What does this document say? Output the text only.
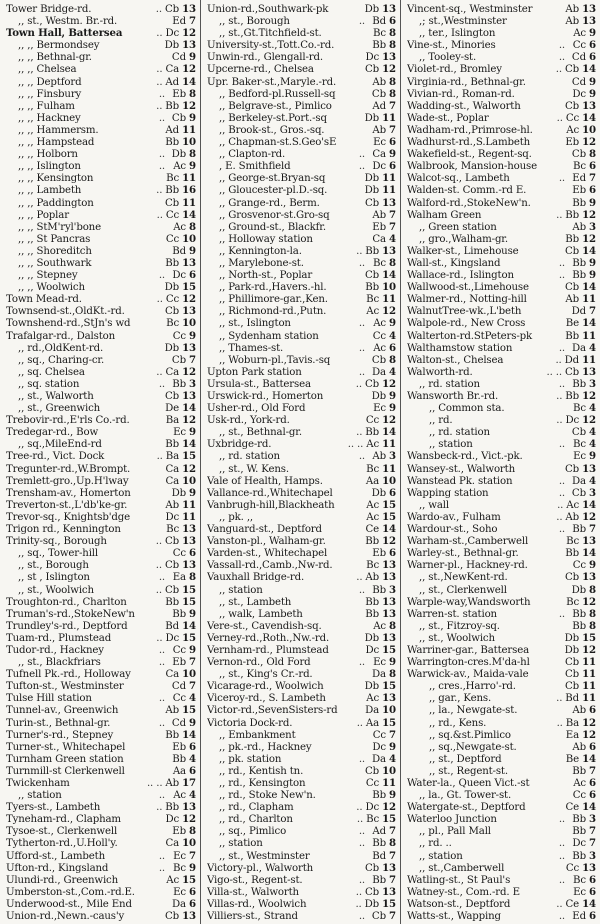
Tower Bridge-rd.	.. Cb 13
,, st., Westm. Br.-rd.	Ed 7
Town Hall, Battersea	.. Dc 12
,, ,, Bermondsey	Db 13
,, ,, Bethnal-gr.	Cd 9
,, ,, Chelsea	.. Ca 12
,, ,, Deptford	.. Ad 14
,, ,, Finsbury	.. Eb 8
,, ,, Fulham	.. Bb 12
,, ,, Hackney	.. Cb 9
,, ,, Hammersm.	Ad 11
,, ,, Hampstead	Bb 10
,, ,, Holborn	.. Db 8
,, ,, Islington	.. Ac 9
,, ,, Kensington	Bc 11
,, ,, Lambeth	.. Bb 16
,, ,, Paddington	Cb 11
,, ,, Poplar	.. Cc 14
,, ,, StM'ryl'bone	Ac 8
,, ,, St Pancras	Cc 10
,, ,, Shoreditch	Bd 9
,, ,, Southwark	Bb 13
,, ,, Stepney	.. Dc 6
,, ,, Woolwich	Db 15
Town Mead-rd.	.. Cc 12
Townsend-st.,OldKt.-rd.	Cb 13
Townshend-rd.,StJn's wd	Bc 10
Trafalgar-rd., Dalston	Cc 9
,, rd.,OldKent-rd.	Db 13
,, sq., Charing-cr.	Cb 7
,, sq. Chelsea	.. Ca 12
,, sq. station	.. Bb 3
,, st., Walworth	Cb 13
,, st., Greenwich	De 14
Trebovir-rd.,E'rls Co.-rd.	Ba 12
Tredegar-rd., Bow	Ec 9
,, sq.,MileEnd-rd	Bb 14
Tree-rd., Vict. Dock	.. Ba 15
Tregunter-rd.,W.Brompt.	Ca 12
Tremlett-gro.,Up.H'lway	Ca 10
Trensham-av., Homerton	Db 9
Treverton-st.,L'db'ke-gr.	Ab 11
Trevor-sq., Knightsb'dge	Dc 11
Trigon rd., Kennington	Bc 13
Trinity-sq., Borough	.. Cb 13
,, sq., Tower-hill	Cc 6
,, st., Borough	.. Cb 13
,, st , Islington	.. Ea 8
,, st., Woolwich	.. Cb 15
Troughton-rd., Charlton	Bb 15
Truman's-rd.,StokeNew'n	Bb 9
Trundley's-rd., Deptford	Bd 14
Tuam-rd., Plumstead	.. Dc 15
Tudor-rd., Hackney	.. Cc 9
,, st., Blackfriars	.. Eb 7
Tufnell Pk.-rd., Holloway	Ca 10
Tufton-st., Westminster	Cd 7
Tulse Hill station	.. Cc 4
Tunnel-av., Greenwich	Ab 15
Turin-st., Bethnal-gr.	.. Cd 9
Turner's-rd., Stepney	Bb 14
Turner-st., Whitechapel	Eb 6
Turnham Green station	Bb 4
Turnmill-st Clerkenwell	Aa 6
Twickenham	.. .. Ab 17
,, station	.. Ac 4
Tyers-st., Lambeth	.. Bb 13
Tyneham-rd., Clapham	Dc 12
Tysoe-st., Clerkenwell	Eb 8
Tytherton-rd.,U.Holl'y.	Ca 10
Ufford-st., Lambeth	.. Ec 7
Ufton-rd., Kingsland	.. Bc 9
Ulundi-rd., Greenwich	Ac 15
Umberston-st.,Com.-rd.E.	Ec 6
Underwood-st., Mile End	Da 6
Union-rd.,Newn.-caus'y	Cb 13
Union-rd.,Southwark-pk	Db 13
,, st., Borough	.. Bd 6
,, st.,Gt.Titchfield-st.	Bc 8
University-st.,Tott.Co.-rd.	Bb 8
Unwin-rd., Glengall-rd.	Dc 13
Upcerne-rd., Chelsea	Cb 12
Upr. Baker-st.,Maryle.-rd.	Ab 8
,, Bedford-pl.Russell-sq	Cb 8
,, Belgrave-st., Pimlico	Ad 7
,, Berkeley-st.Port.-sq	Db 11
,, Brook-st., Gros.-sq.	Ab 7
,, Chapman-st.S.Geo'sE	Ec 6
,, Clapton-rd.	.. Ca 9
, E. Smithfield	.. Dc 6
,, George-st.Bryan-sq	Db 11
,, Gloucester-pl.D.-sq.	Db 11
,, Grange-rd., Berm.	Cb 13
,, Grosvenor-st.Gro-sq	Ab 7
,, Ground-st., Blackfr.	Eb 7
,, Holloway station	Ca 4
,, Kennington-la.	.. Bb 13
,, Marylebone-st.	.. Bc 8
,, North-st., Poplar	Cb 14
,, Park-rd.,Havers.-hl.	Bb 10
,, Phillimore-gar.,Ken.	Bc 11
,, Richmond-rd.,Putn.	Ac 12
,, st., Islington	.. Ac 9
,, Sydenham station	Cc 4
,, Thames-st.	.. Ac 6
,, Woburn-pl.,Tavis.-sq	Cb 8
Upton Park station	.. Da 4
Ursula-st., Battersea	.. Cb 12
Urswick-rd., Homerton	Db 9
Usher-rd., Old Ford	Ec 9
Usk-rd., York-rd.	Cc 12
,, st., Bethnal-gr.	.. Bb 14
Uxbridge-rd.	.. .. Ac 11
,, rd. station	.. Ab 3
,, st., W. Kens.	Bc 11
Vale of Health, Hamps.	Aa 10
Vallance-rd.,Whitechapel	Db 6
Vanbrugh-hill,Blackheath	Ac 15
,, pk. ,,	Ac 15
Vanguard-st., Deptford	Ce 14
Vanston-pl., Walham-gr.	Bb 12
Varden-st., Whitechapel	Eb 6
Vassall-rd.,Camb.,Nw-rd.	Bc 13
Vauxhall Bridge-rd.	.. Ab 13
,, station	.. Bb 3
,, st., Lambeth	Bb 13
,, walk, Lambeth	Bb 13
Vere-st., Cavendish-sq.	Ac 8
Verney-rd.,Roth.,Nw.-rd.	Db 13
Vernham-rd., Plumstead	Dc 15
Vernon-rd., Old Ford	.. Ec 9
,, st., King's Cr.-rd.	Da 8
Vicarage-rd., Woolwich	Db 15
Viceroy-rd., S. Lambeth	Ac 13
Victor-rd.,SevenSisters-rd	Da 10
Victoria Dock-rd.	.. Aa 15
,, Embankment	Cc 7
,, pk.-rd., Hackney	Dc 9
,, pk. station	.. Da 4
,, rd., Kentish tn.	Cb 10
,, rd., Kensington	Cc 11
,, rd., Stoke New'n.	Bb 9
,, rd., Clapham	.. Dc 12
,, rd., Charlton	.. Bc 15
,, sq., Pimlico	.. Ad 7
,, station	.. Bb 8
,, st., Westminster	Bd 7
Victory-pl., Walworth	Cb 13
Vigo-st., Regent-st.	.. Bb 7
Villa-st., Walworth	.. Cb 13
Villas-rd., Woolwich	.. Db 15
Villiers-st., Strand	.. Cb 7
Vincent-sq., Westminster	Ab 13
,; st.,Westminster	Ab 13
,, ter., Islington	Ac 9
Vine-st., Minories	.. Cc 6
,, Tooley-st.	.. Cd 6
Violet-rd., Bromley	.. Cb 14
Virginia-rd., Bethnal-gr.	Cd 9
Vivian-rd., Roman-rd.	Dc 9
Wadding-st., Walworth	Cb 13
Wade-st., Poplar	.. Cc 14
Wadham-rd.,Primrose-hl.	Ac 10
Wadhurst-rd.,S.Lambeth	Eb 12
Wakefield-st., Regent-sq.	Cb 8
Walbrook, Mansion-house	Bc 6
Walcot-sq., Lambeth	.. Ed 7
Walden-st. Comm.-rd E.	Eb 6
Walford-rd.,StokeNew'n.	Bb 9
Walham Green	.. Bb 12
,, Green station	Ab 3
,, gro.,Walham-gr.	Bb 12
Walker-st., Limehouse	Cb 14
Wall-st., Kingsland	.. Bb 9
Wallace-rd., Islington	.. Bb 9
Wallwood-st.,Limehouse	Cb 14
Walmer-rd., Notting-hill	Ab 11
WalnutTree-wk.,L'beth	Dd 7
Walpole-rd., New Cross	Be 14
Walterton-rd.StPeters-pk	Bb 11
Walthamstow station	.. Da 4
Walton-st., Chelsea	.. Dd 11
Walworth-rd.	.. .. Cb 13
,, rd. station	.. Bb 3
Wansworth Br.-rd.	.. Bb 12
,, Common sta.	Bc 4
,, rd.	.. Dc 12
,, rd. station	Cb 4
,, station	.. Bc 4
Wansbeck-rd., Vict.-pk.	Ec 9
Wansey-st., Walworth	Cb 13
Wanstead Pk. station	.. Da 4
Wapping station	.. Cb 3
,, wall	.. Ac 14
Wardo-av., Fulham	.. Ab 12
Wardour-st., Soho	.. Bb 7
Warham-st.,Camberwell	Bc 13
Warley-st., Bethnal-gr.	Bb 14
Warner-pl., Hackney-rd.	Cc 9
,, st.,NewKent-rd.	Cb 13
,, st., Clerkenwell	Db 8
Warple-way,Wandsworth	Bc 12
Warren-st. station	.. Bb 8
,, st., Fitzroy-sq.	Bb 8
,, st., Woolwich	Db 15
Warriner-gar., Battersea	Db 12
Warrington-cres.M'da-hl	Cb 11
Warwick-av., Maida-vale	Cb 11
,, cres.,Harro'-rd.	Cb 11
,, gar., Kens.	.. Bd 11
,, la., Newgate-st.	Ab 6
,, rd., Kens.	.. Ba 12
,, sq.&st.Pimlico	Ea 12
,, sq.,Newgate-st.	Ab 6
,, st., Deptford	Be 14
,, st., Regent-st.	Bb 7
Water-la., Queen Vict.-st	Ac 6
,, la., Gt. Tower-st.	Cc 6
Watergate-st., Deptford	Ce 14
Waterloo Junction	.. Bb 3
,, pl., Pall Mall	Bb 7
,, rd. ..	.. Dc 7
,, station	.. Bb 3
,, st.,Camberwell	Cc 13
Watling-st., St Paul's	.. Bc 6
Watney-st., Com.-rd. E	Ec 6
Watson-st., Deptford	.. Ce 14
Watts-st., Wapping	.. Ed 6
